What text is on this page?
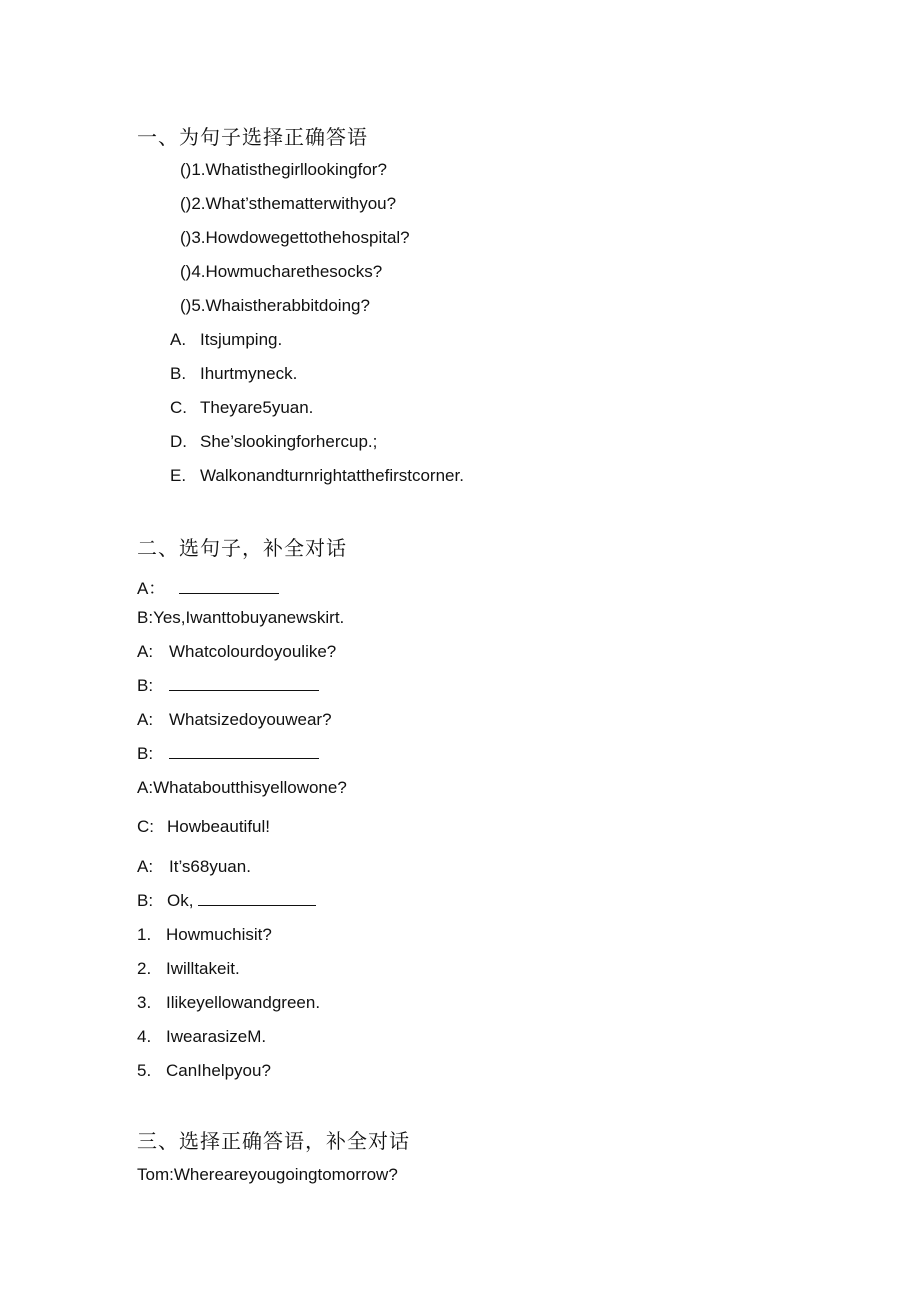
一、为句子选择正确答语
()1.Whatisthegirllookingfor?
()2.What’sthematterwithyou?
()3.Howdowegettothehospital?
()4.Howmucharethesocks?
()5.Whaistherabbitdoing?
A. Itsjumping.
B. Ihurtmyneck.
C. Theyare5yuan.
D. She’slookingforhercup.;
E. Walkonandturnrightatthefirstcorner.
二、选句子，补全对话
A：
B:Yes,Iwanttobuyanewskirt.
A: Whatcolourdoyoulike?
B:
A: Whatsizedoyouwear?
B:
A:Whataboutthisyellowone?
C: Howbeautiful!
A: It’s68yuan.
B: Ok,
1. Howmuchisit?
2. Iwilltakeit.
3. Ilikeyellowandgreen.
4. IwearasizeM.
5. CanIhelpyou?
三、选择正确答语，补全对话
Tom:Whereareyougoingtomorrow?
